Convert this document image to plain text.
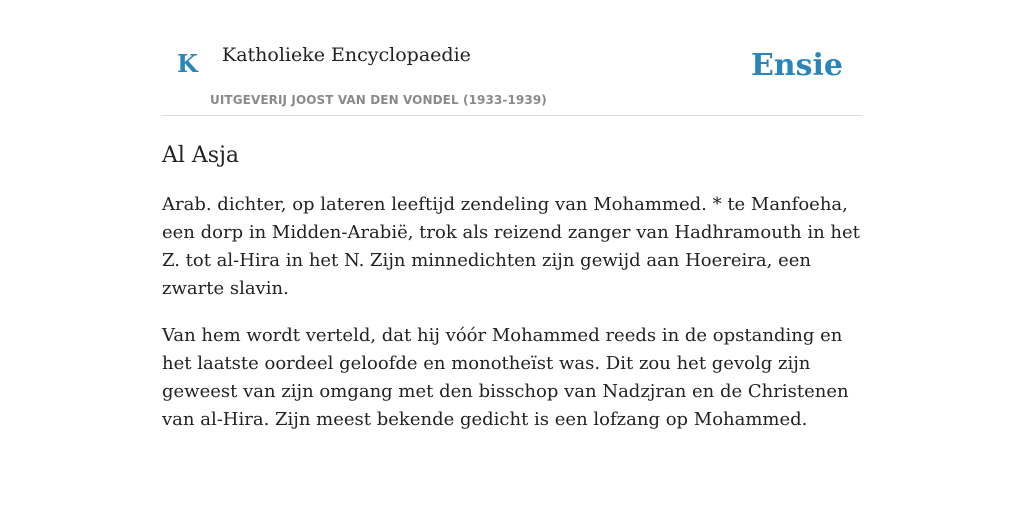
K Katholieke Encyclopaedie
UITGEVERIJ JOOST VAN DEN VONDEL (1933-1939)
Ensie
Al Asja

Arab. dichter, op lateren leeftijd zendeling van Mohammed. * te Manfoeha, een dorp in Midden-Arabië, trok als reizend zanger van Hadhramouth in het Z. tot al-Hira in het N. Zijn minnedichten zijn gewijd aan Hoereira, een zwarte slavin.

Van hem wordt verteld, dat hij vóór Mohammed reeds in de opstanding en het laatste oordeel geloofde en monotheïst was. Dit zou het gevolg zijn geweest van zijn omgang met den bisschop van Nadzjran en de Christenen van al-Hira. Zijn meest bekende gedicht is een lofzang op Mohammed.
